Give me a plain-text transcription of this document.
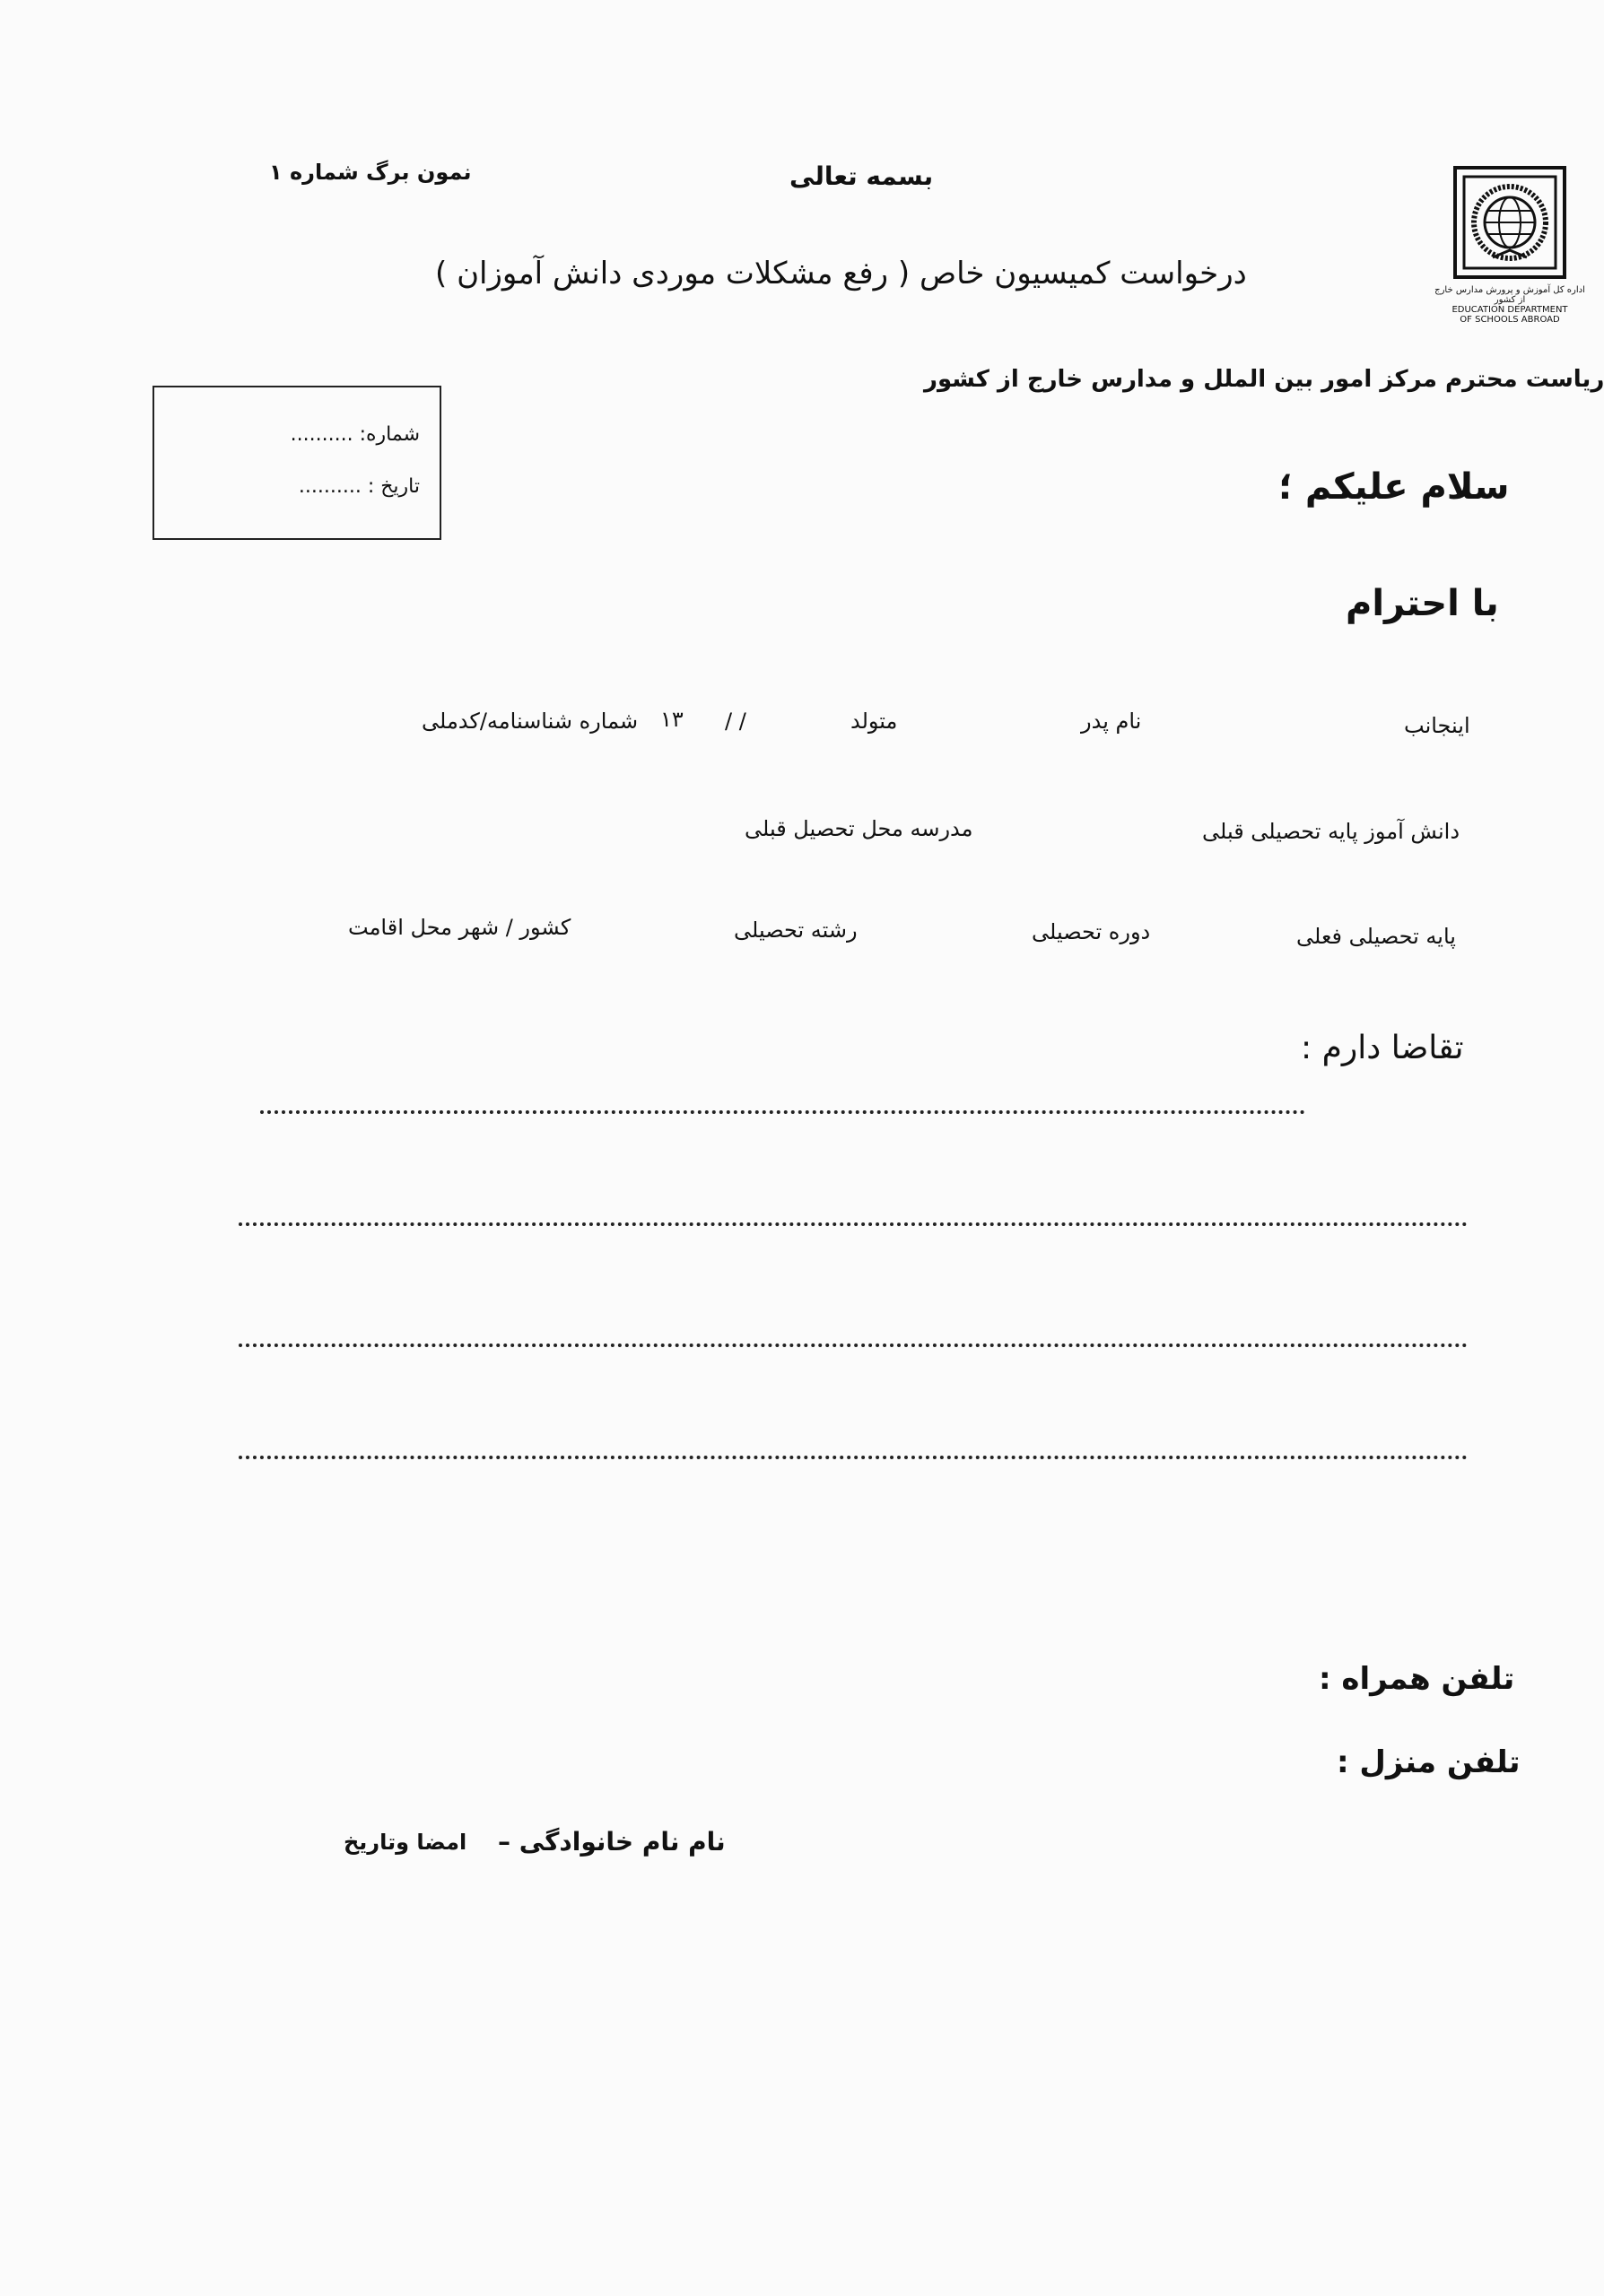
اداره کل آموزش و پرورش مدارس خارج از کشور
EDUCATION DEPARTMENT
OF SCHOOLS ABROAD
نمون برگ شماره ۱	بسمه تعالی
درخواست کمیسیون خاص ( رفع مشکلات موردی دانش آموزان )
ریاست محترم مرکز امور بین الملل و مدارس خارج از کشور
شماره: ..........
تاریخ : ..........	سلام علیکم ؛
با احترام
اینجانب
نام پدر
متولد
/ /
۱۳
شماره شناسنامه/کدملی
دانش آموز پایه تحصیلی قبلی
مدرسه محل تحصیل قبلی
پایه تحصیلی فعلی
دوره تحصیلی
رشته تحصیلی
کشور / شهر محل اقامت
تقاضا دارم :
تلفن همراه :
تلفن منزل :
نام نام خانوادگی –
امضا وتاریخ
